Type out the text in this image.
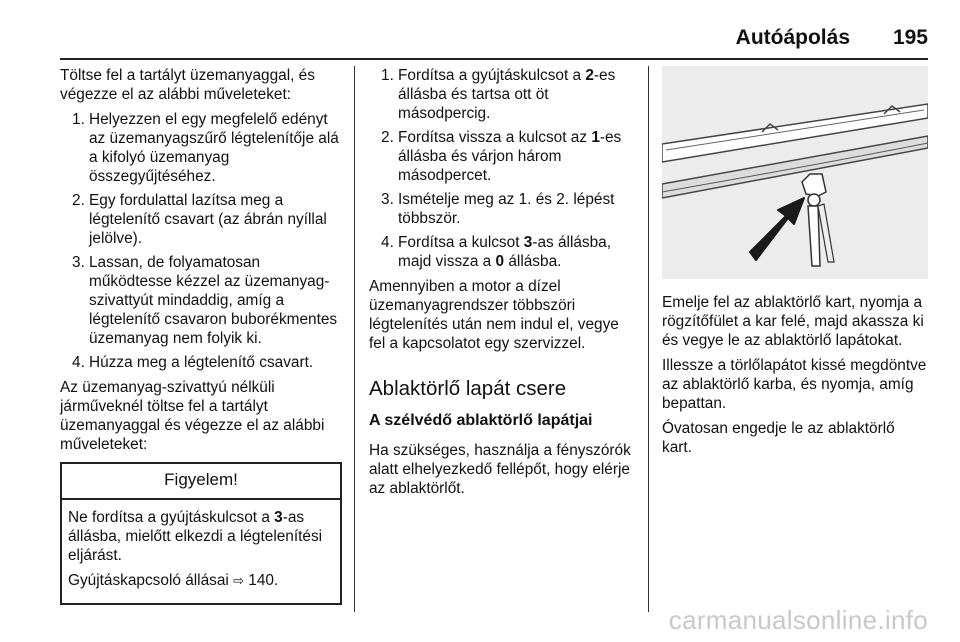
Autóápolás 195

Töltse fel a tartályt üzemanyaggal, és végezze el az alábbi műveleteket:

1 . Helyezzen el egy megfelelő edényt az üzemanyagszűrő légtelenítője alá a kifolyó üzemanyag összegyűjtéséhez.
2 . Egy fordulattal lazítsa meg a légtelenítő csavart (az ábrán nyíllal jelölve).
3 . Lassan, de folyamatosan működtesse kézzel az üzemanyag-szivattyút mindaddig, amíg a légtelenítő csavaron buborékmentes üzemanyag nem folyik ki.
4 . Húzza meg a légtelenítő csavart.

Az üzemanyag-szivattyú nélküli járműveknél töltse fel a tartályt üzemanyaggal és végezze el az alábbi műveleteket:

Figyelem!

Ne fordítsa a gyújtáskulcsot a 3-as állásba, mielőtt elkezdi a légtelenítési eljárást.

Gyújtáskapcsoló állásai ⇨ 140.

1 . Fordítsa a gyújtáskulcsot a 2-es állásba és tartsa ott öt másodpercig.
2 . Fordítsa vissza a kulcsot az 1-es állásba és várjon három másodpercet.
3 . Ismételje meg az 1. és 2. lépést többször.
4 . Fordítsa a kulcsot 3-as állásba, majd vissza a 0 állásba.

Amennyiben a motor a dízel üzemanyagrendszer többszöri légtelenítés után nem indul el, vegye fel a kapcsolatot egy szervizzel.

Ablaktörlő lapát csere
A szélvédő ablaktörlő lapátjai

Ha szükséges, használja a fényszórók alatt elhelyezkedő fellépőt, hogy elérje az ablaktörlőt.

Emelje fel az ablaktörlő kart, nyomja a rögzítőfület a kar felé, majd akassza ki és vegye le az ablaktörlő lapátokat.

Illessze a törlőlapátot kissé megdöntve az ablaktörlő karba, és nyomja, amíg bepattan.

Óvatosan engedje le az ablaktörlő kart.

carmanualsonline.info
